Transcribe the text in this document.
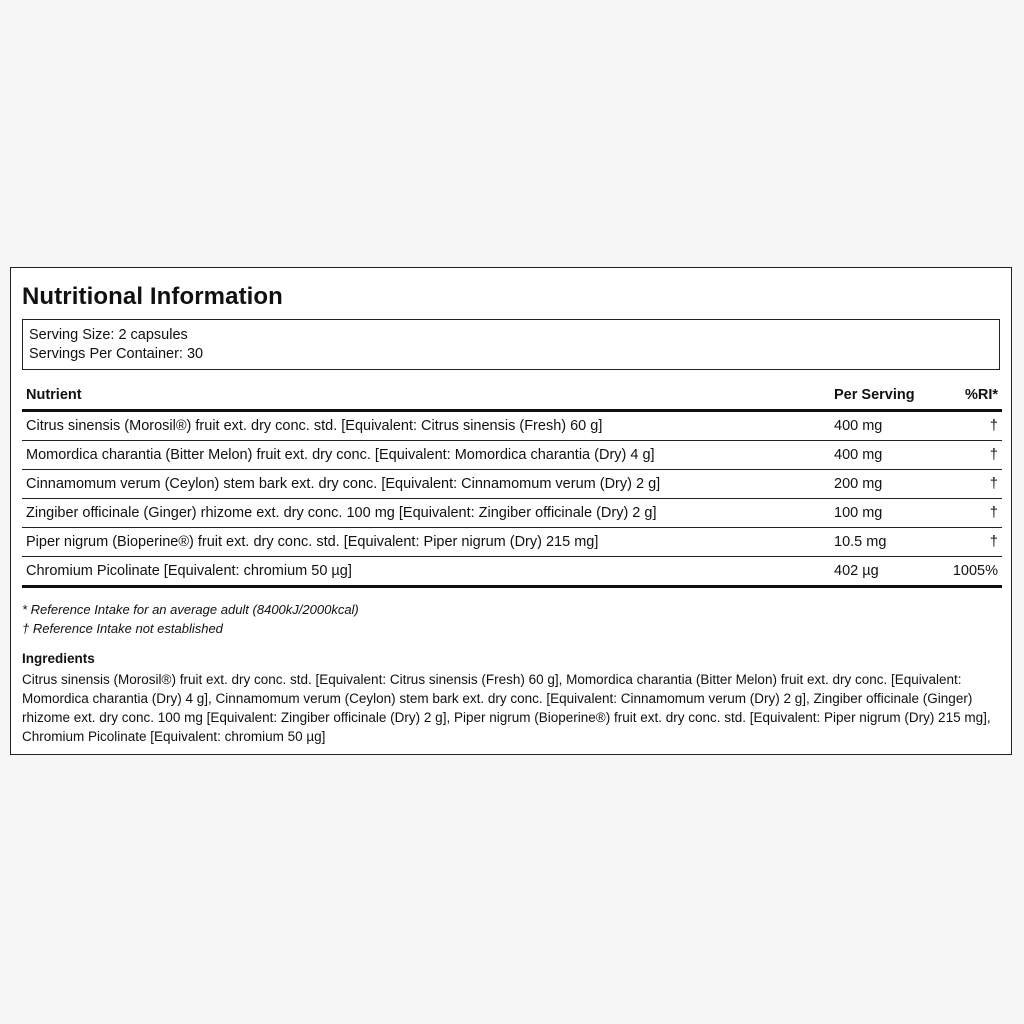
Nutritional Information
Serving Size: 2 capsules
Servings Per Container: 30
Nutrient	Per Serving	%RI*
Citrus sinensis (Morosil®) fruit ext. dry conc. std. [Equivalent: Citrus sinensis (Fresh) 60 g]	400 mg	†
Momordica charantia (Bitter Melon) fruit ext. dry conc. [Equivalent: Momordica charantia (Dry) 4 g]	400 mg	†
Cinnamomum verum (Ceylon) stem bark ext. dry conc. [Equivalent: Cinnamomum verum (Dry) 2 g]	200 mg	†
Zingiber officinale (Ginger) rhizome ext. dry conc. 100 mg [Equivalent: Zingiber officinale (Dry) 2 g]	100 mg	†
Piper nigrum (Bioperine®) fruit ext. dry conc. std. [Equivalent: Piper nigrum (Dry) 215 mg]	10.5 mg	†
Chromium Picolinate [Equivalent: chromium 50 µg]	402 µg	1005%
* Reference Intake for an average adult (8400kJ/2000kcal)
† Reference Intake not established
Ingredients
Citrus sinensis (Morosil®) fruit ext. dry conc. std. [Equivalent: Citrus sinensis (Fresh) 60 g], Momordica charantia (Bitter Melon) fruit ext. dry conc. [Equivalent: Momordica charantia (Dry) 4 g], Cinnamomum verum (Ceylon) stem bark ext. dry conc. [Equivalent: Cinnamomum verum (Dry) 2 g], Zingiber officinale (Ginger) rhizome ext. dry conc. 100 mg [Equivalent: Zingiber officinale (Dry) 2 g], Piper nigrum (Bioperine®) fruit ext. dry conc. std. [Equivalent: Piper nigrum (Dry) 215 mg], Chromium Picolinate [Equivalent: chromium 50 µg]
